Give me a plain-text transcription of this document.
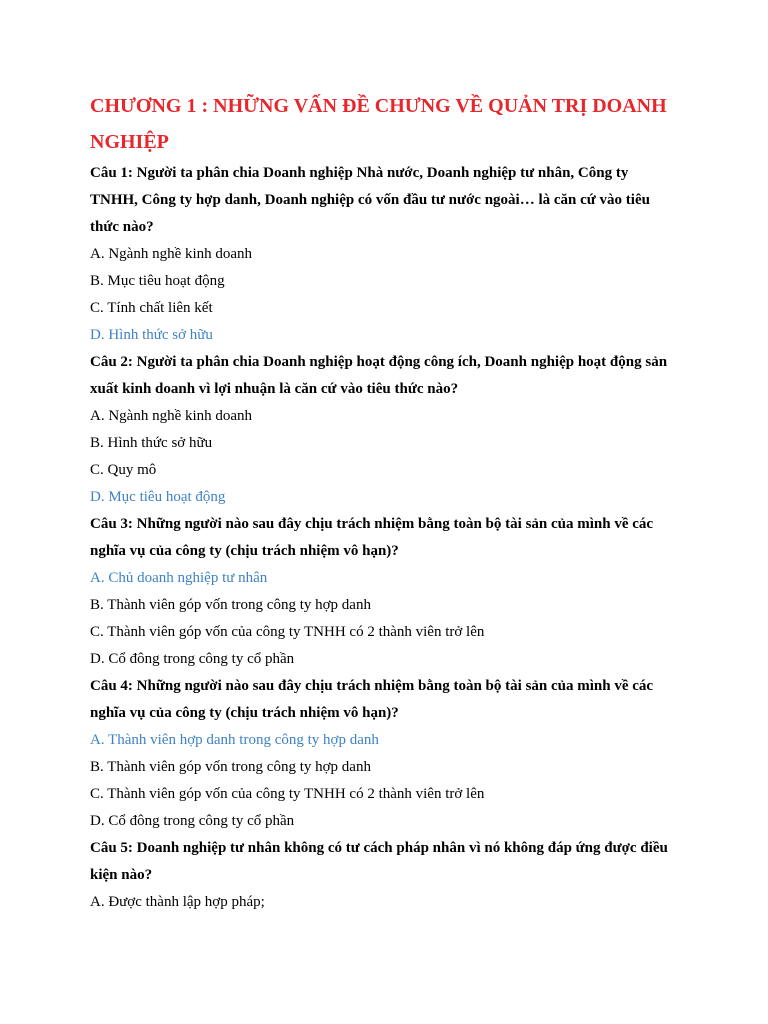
CHƯƠNG 1 : NHỮNG VẤN ĐỀ CHƯNG VỀ QUẢN TRỊ DOANH NGHIỆP

Câu 1: Người ta phân chia Doanh nghiệp Nhà nước, Doanh nghiệp tư nhân, Công ty TNHH, Công ty hợp danh, Doanh nghiệp có vốn đầu tư nước ngoài… là căn cứ vào tiêu thức nào?

A. Ngành nghề kinh doanh

B. Mục tiêu hoạt động

C. Tính chất liên kết

D. Hình thức sở hữu

Câu 2: Người ta phân chia Doanh nghiệp hoạt động công ích, Doanh nghiệp hoạt động sản xuất kinh doanh vì lợi nhuận là căn cứ vào tiêu thức nào?

A. Ngành nghề kinh doanh

B. Hình thức sở hữu

C. Quy mô

D. Mục tiêu hoạt động

Câu 3: Những người nào sau đây chịu trách nhiệm bằng toàn bộ tài sản của mình về các nghĩa vụ của công ty (chịu trách nhiệm vô hạn)?

A. Chủ doanh nghiệp tư nhân

B. Thành viên góp vốn trong công ty hợp danh

C. Thành viên góp vốn của công ty TNHH có 2 thành viên trở lên

D. Cổ đông trong công ty cổ phần

Câu 4: Những người nào sau đây chịu trách nhiệm bằng toàn bộ tài sản của mình về các nghĩa vụ của công ty (chịu trách nhiệm vô hạn)?

A. Thành viên hợp danh trong công ty hợp danh

B. Thành viên góp vốn trong công ty hợp danh

C. Thành viên góp vốn của công ty TNHH có 2 thành viên trở lên

D. Cổ đông trong công ty cổ phần

Câu 5: Doanh nghiệp tư nhân không có tư cách pháp nhân vì nó không đáp ứng được điều kiện nào?

A. Được thành lập hợp pháp;
